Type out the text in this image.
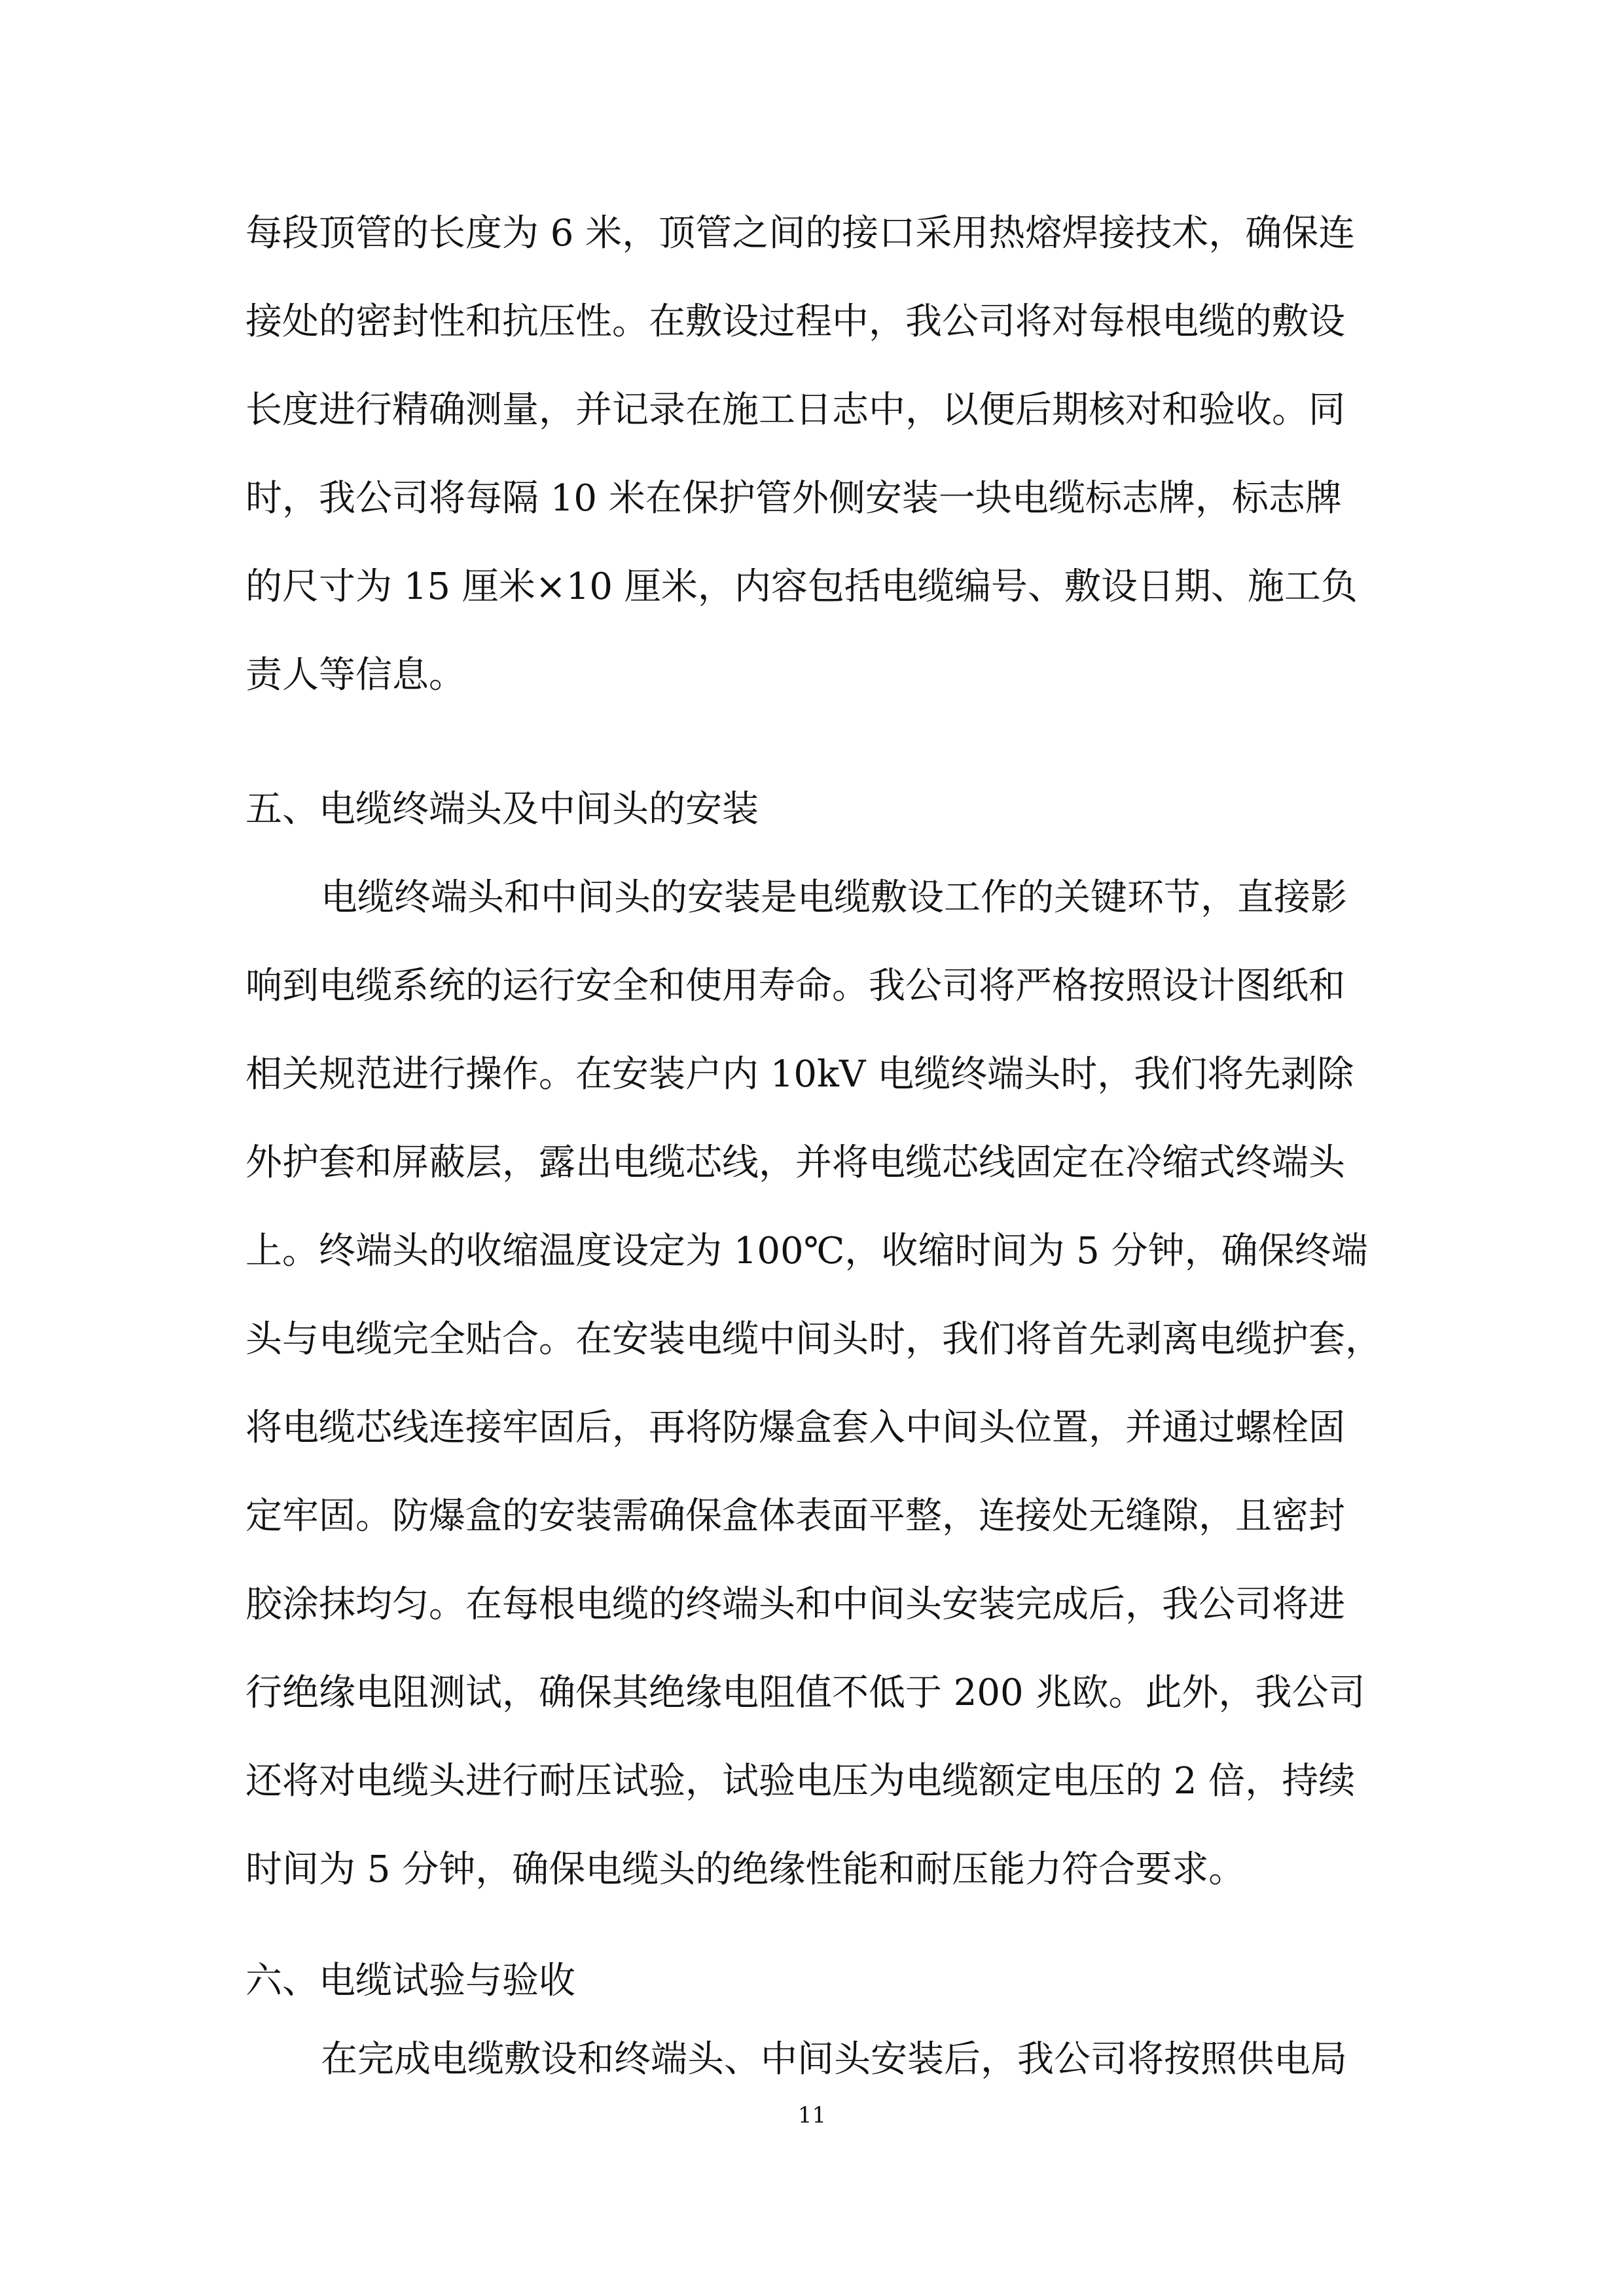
每段顶管的长度为 6 米，顶管之间的接口采用热熔焊接技术，确保连
接处的密封性和抗压性。在敷设过程中，我公司将对每根电缆的敷设
长度进行精确测量，并记录在施工日志中，以便后期核对和验收。同
时，我公司将每隔 10 米在保护管外侧安装一块电缆标志牌，标志牌
的尺寸为 15 厘米×10 厘米，内容包括电缆编号、敷设日期、施工负
责人等信息。
五、电缆终端头及中间头的安装
电缆终端头和中间头的安装是电缆敷设工作的关键环节，直接影
响到电缆系统的运行安全和使用寿命。我公司将严格按照设计图纸和
相关规范进行操作。在安装户内 10kV 电缆终端头时，我们将先剥除
外护套和屏蔽层，露出电缆芯线，并将电缆芯线固定在冷缩式终端头
上。终端头的收缩温度设定为 100℃，收缩时间为 5 分钟，确保终端
头与电缆完全贴合。在安装电缆中间头时，我们将首先剥离电缆护套，
将电缆芯线连接牢固后，再将防爆盒套入中间头位置，并通过螺栓固
定牢固。防爆盒的安装需确保盒体表面平整，连接处无缝隙，且密封
胶涂抹均匀。在每根电缆的终端头和中间头安装完成后，我公司将进
行绝缘电阻测试，确保其绝缘电阻值不低于 200 兆欧。此外，我公司
还将对电缆头进行耐压试验，试验电压为电缆额定电压的 2 倍，持续
时间为 5 分钟，确保电缆头的绝缘性能和耐压能力符合要求。
六、电缆试验与验收
在完成电缆敷设和终端头、中间头安装后，我公司将按照供电局
11
